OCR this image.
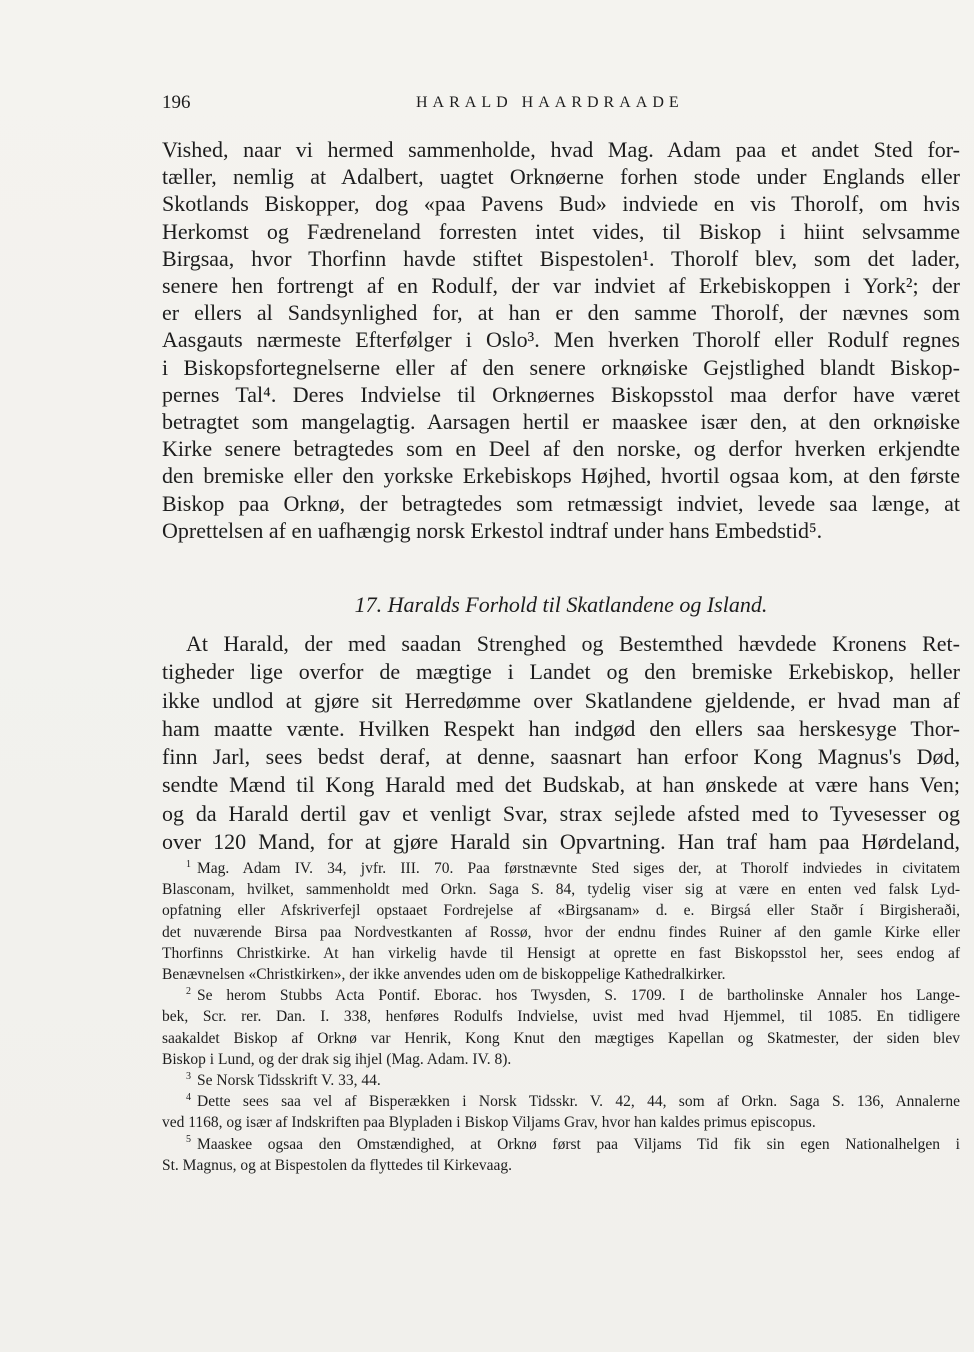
196	HARALD HAARDRAADE
Vished, naar vi hermed sammenholde, hvad Mag. Adam paa et andet Sted for-
tæller, nemlig at Adalbert, uagtet Orknøerne forhen stode under Englands eller
Skotlands Biskopper, dog «paa Pavens Bud» indviede en vis Thorolf, om hvis
Herkomst og Fædreneland forresten intet vides, til Biskop i hiint selvsamme
Birgsaa, hvor Thorfinn havde stiftet Bispestolen¹. Thorolf blev, som det lader,
senere hen fortrengt af en Rodulf, der var indviet af Erkebiskoppen i York²; der
er ellers al Sandsynlighed for, at han er den samme Thorolf, der nævnes som
Aasgauts nærmeste Efterfølger i Oslo³. Men hverken Thorolf eller Rodulf regnes
i Biskopsfortegnelserne eller af den senere orknøiske Gejstlighed blandt Biskop-
pernes Tal⁴. Deres Indvielse til Orknøernes Biskopsstol maa derfor have været
betragtet som mangelagtig. Aarsagen hertil er maaskee især den, at den orknøiske
Kirke senere betragtedes som en Deel af den norske, og derfor hverken erkjendte
den bremiske eller den yorkske Erkebiskops Højhed, hvortil ogsaa kom, at den første
Biskop paa Orknø, der betragtedes som retmæssigt indviet, levede saa længe, at
Oprettelsen af en uafhængig norsk Erkestol indtraf under hans Embedstid⁵.
17. Haralds Forhold til Skatlandene og Island.
At Harald, der med saadan Strenghed og Bestemthed hævdede Kronens Ret-
tigheder lige overfor de mægtige i Landet og den bremiske Erkebiskop, heller
ikke undlod at gjøre sit Herredømme over Skatlandene gjeldende, er hvad man af
ham maatte vænte. Hvilken Respekt han indgød den ellers saa herskesyge Thor-
finn Jarl, sees bedst deraf, at denne, saasnart han erfoor Kong Magnus's Død,
sendte Mænd til Kong Harald med det Budskab, at han ønskede at være hans Ven;
og da Harald dertil gav et venligt Svar, strax sejlede afsted med to Tyvesesser og
over 120 Mand, for at gjøre Harald sin Opvartning. Han traf ham paa Hørdeland,
$^1$ Mag. Adam IV. 34, jvfr. III. 70. Paa førstnævnte Sted siges der, at Thorolf indviedes in civitatem
Blasconam, hvilket, sammenholdt med Orkn. Saga S. 84, tydelig viser sig at være en enten ved falsk Lyd-
opfatning eller Afskriverfejl opstaaet Fordrejelse af «Birgsanam» d. e. Birgsá eller Staðr í Birgisheraði,
det nuværende Birsa paa Nordvestkanten af Rossø, hvor der endnu findes Ruiner af den gamle Kirke eller
Thorfinns Christkirke. At han virkelig havde til Hensigt at oprette en fast Biskopsstol her, sees endog af
Benævnelsen «Christkirken», der ikke anvendes uden om de biskoppelige Kathedralkirker.
$^2$ Se herom Stubbs Acta Pontif. Eborac. hos Twysden, S. 1709. I de bartholinske Annaler hos Lange-
bek, Scr. rer. Dan. I. 338, henføres Rodulfs Indvielse, uvist med hvad Hjemmel, til 1085. En tidligere
saakaldet Biskop af Orknø var Henrik, Kong Knut den mægtiges Kapellan og Skatmester, der siden blev
Biskop i Lund, og der drak sig ihjel (Mag. Adam. IV. 8).
$^3$ Se Norsk Tidsskrift V. 33, 44.
$^4$ Dette sees saa vel af Bisperækken i Norsk Tidsskr. V. 42, 44, som af Orkn. Saga S. 136, Annalerne
ved 1168, og især af Indskriften paa Blypladen i Biskop Viljams Grav, hvor han kaldes primus episcopus.
$^5$ Maaskee ogsaa den Omstændighed, at Orknø først paa Viljams Tid fik sin egen Nationalhelgen i
St. Magnus, og at Bispestolen da flyttedes til Kirkevaag.
